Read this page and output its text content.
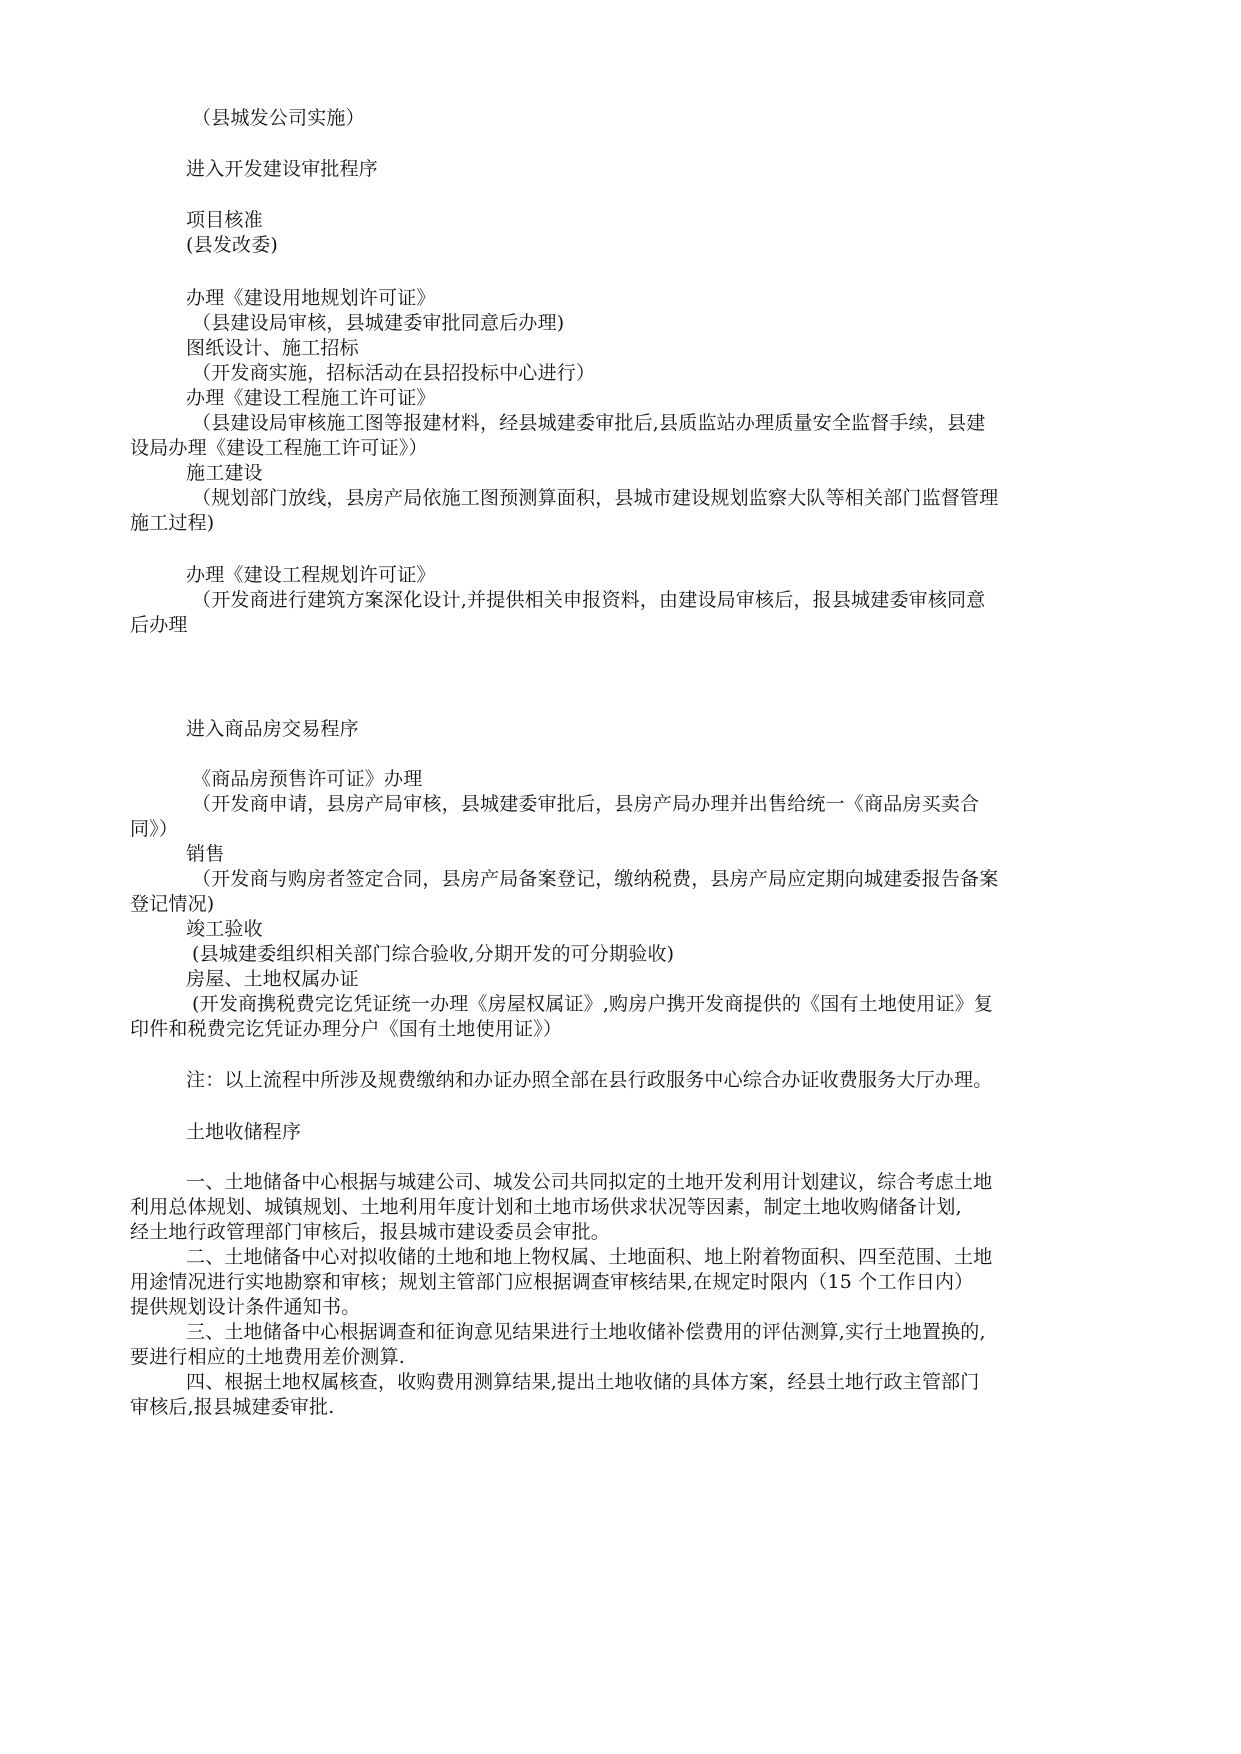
（县城发公司实施）
进入开发建设审批程序
项目核准
(县发改委)
办理《建设用地规划许可证》
（县建设局审核，县城建委审批同意后办理)
图纸设计、施工招标
（开发商实施，招标活动在县招投标中心进行）
办理《建设工程施工许可证》
（县建设局审核施工图等报建材料，经县城建委审批后,县质监站办理质量安全监督手续，县建
设局办理《建设工程施工许可证》）
施工建设
（规划部门放线，县房产局依施工图预测算面积，县城市建设规划监察大队等相关部门监督管理
施工过程)
办理《建设工程规划许可证》
（开发商进行建筑方案深化设计,并提供相关申报资料，由建设局审核后，报县城建委审核同意
后办理
进入商品房交易程序
《商品房预售许可证》办理
（开发商申请，县房产局审核，县城建委审批后，县房产局办理并出售给统一《商品房买卖合
同》）
销售
（开发商与购房者签定合同，县房产局备案登记，缴纳税费，县房产局应定期向城建委报告备案
登记情况)
竣工验收
(县城建委组织相关部门综合验收,分期开发的可分期验收)
房屋、土地权属办证
(开发商携税费完讫凭证统一办理《房屋权属证》,购房户携开发商提供的《国有土地使用证》复
印件和税费完讫凭证办理分户《国有土地使用证》）
注：以上流程中所涉及规费缴纳和办证办照全部在县行政服务中心综合办证收费服务大厅办理。
土地收储程序
一、土地储备中心根据与城建公司、城发公司共同拟定的土地开发利用计划建议，综合考虑土地
利用总体规划、城镇规划、土地利用年度计划和土地市场供求状况等因素，制定土地收购储备计划,
经土地行政管理部门审核后，报县城市建设委员会审批。
二、土地储备中心对拟收储的土地和地上物权属、土地面积、地上附着物面积、四至范围、土地
用途情况进行实地勘察和审核；规划主管部门应根据调查审核结果,在规定时限内（15 个工作日内）
提供规划设计条件通知书。
三、土地储备中心根据调查和征询意见结果进行土地收储补偿费用的评估测算,实行土地置换的,
要进行相应的土地费用差价测算.
四、根据土地权属核查，收购费用测算结果,提出土地收储的具体方案，经县土地行政主管部门
审核后,报县城建委审批.
